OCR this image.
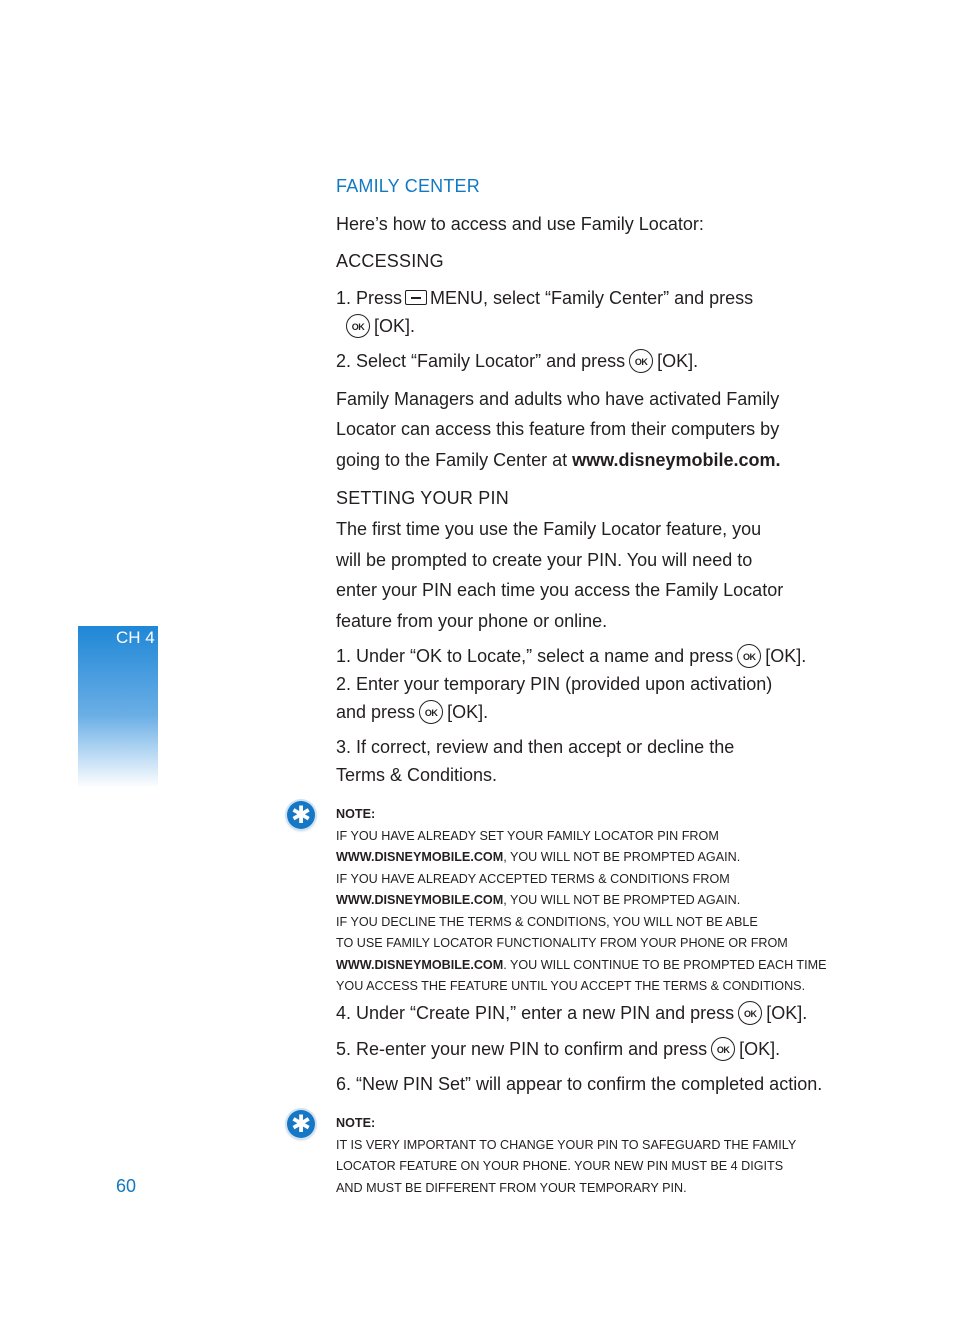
CH 4
FAMILY CENTER
Here’s how to access and use Family Locator:
ACCESSING
1. Press MENU, select “Family Center” and press
OK [OK].
2. Select “Family Locator” and press OK [OK].
Family Managers and adults who have activated Family
Locator can access this feature from their computers by
going to the Family Center at www.disneymobile.com.
SETTING YOUR PIN
The first time you use the Family Locator feature, you
will be prompted to create your PIN. You will need to
enter your PIN each time you access the Family Locator
feature from your phone or online.
1. Under “OK to Locate,” select a name and press OK [OK].
2. Enter your temporary PIN (provided upon activation)
and press OK [OK].
3. If correct, review and then accept or decline the
Terms & Conditions.
✱	NOTE:
IF YOU HAVE ALREADY SET YOUR FAMILY LOCATOR PIN FROM
WWW.DISNEYMOBILE.COM, YOU WILL NOT BE PROMPTED AGAIN.
IF YOU HAVE ALREADY ACCEPTED TERMS & CONDITIONS FROM
WWW.DISNEYMOBILE.COM, YOU WILL NOT BE PROMPTED AGAIN.
IF YOU DECLINE THE TERMS & CONDITIONS, YOU WILL NOT BE ABLE
TO USE FAMILY LOCATOR FUNCTIONALITY FROM YOUR PHONE OR FROM
WWW.DISNEYMOBILE.COM. YOU WILL CONTINUE TO BE PROMPTED EACH TIME
YOU ACCESS THE FEATURE UNTIL YOU ACCEPT THE TERMS & CONDITIONS.
4. Under “Create PIN,” enter a new PIN and press OK [OK].
5. Re-enter your new PIN to confirm and press OK [OK].
6. “New PIN Set” will appear to confirm the completed action.
✱	NOTE:
IT IS VERY IMPORTANT TO CHANGE YOUR PIN TO SAFEGUARD THE FAMILY
LOCATOR FEATURE ON YOUR PHONE. YOUR NEW PIN MUST BE 4 DIGITS
AND MUST BE DIFFERENT FROM YOUR TEMPORARY PIN.
60
